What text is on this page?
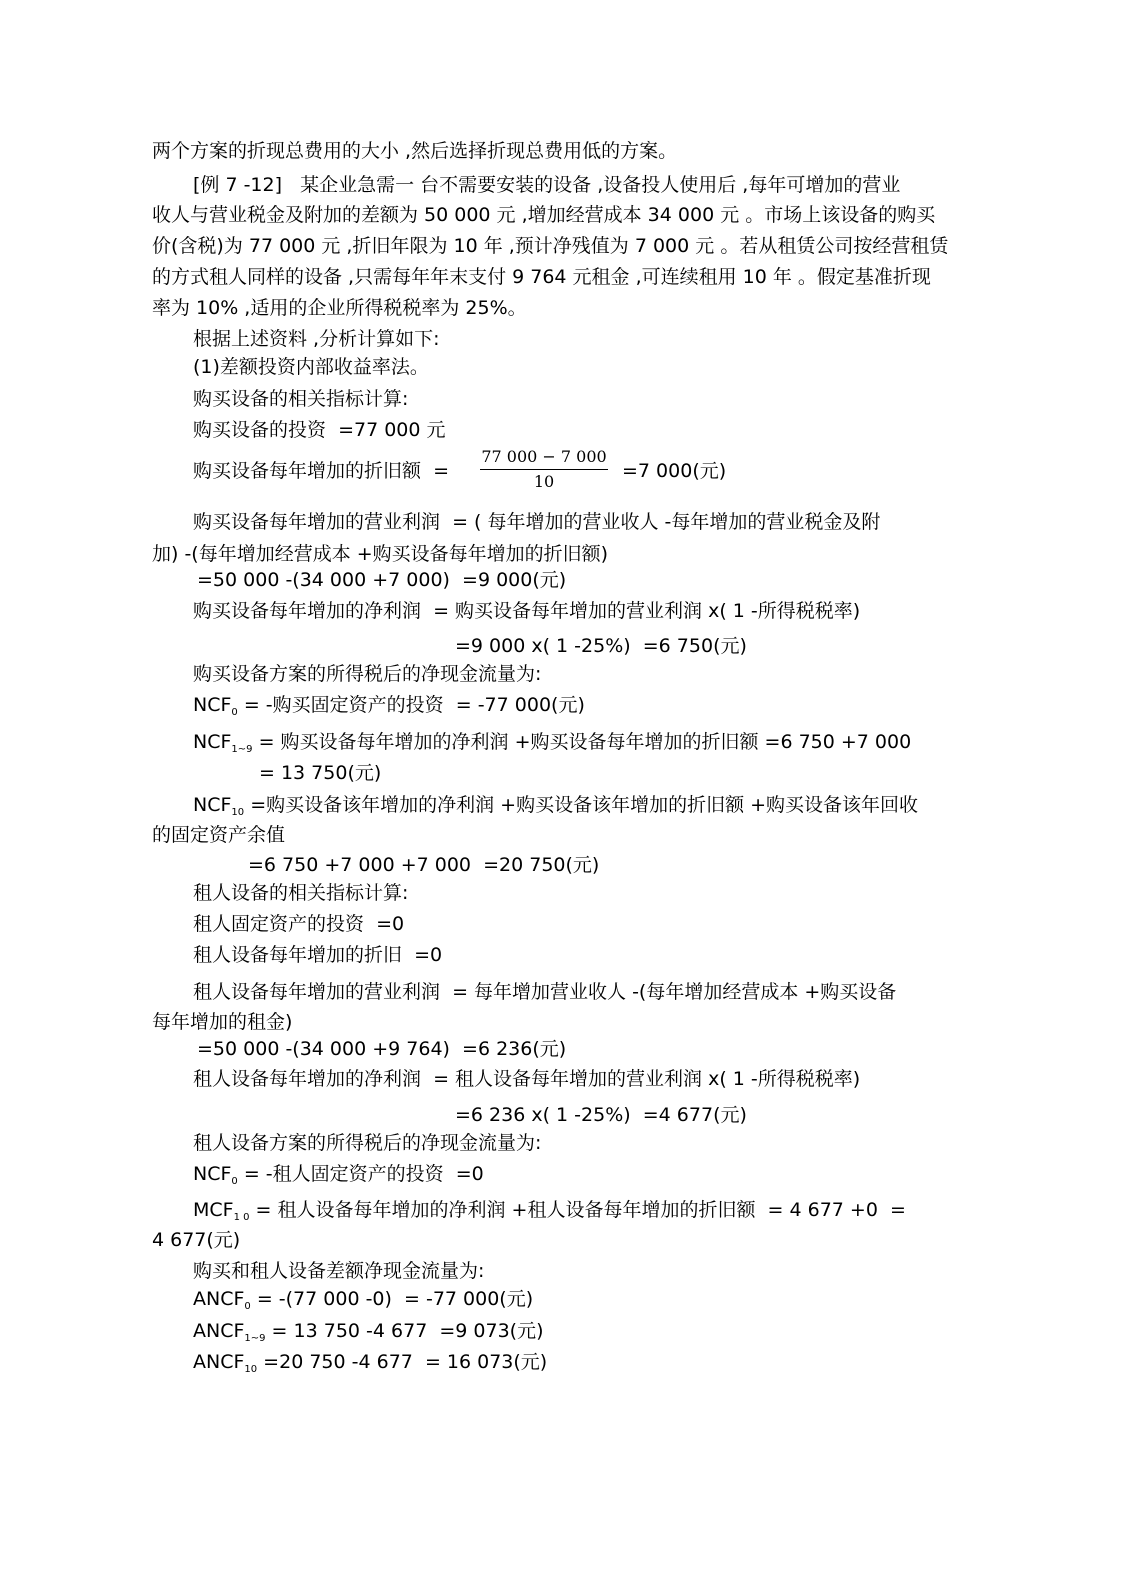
两个方案的折现总费用的大小 ,然后选择折现总费用低的方案。
[例 7 -12]   某企业急需一 台不需要安装的设备 ,设备投人使用后 ,每年可增加的营业
收人与营业税金及附加的差额为 50 000 元 ,增加经营成本 34 000 元 。市场上该设备的购买
价(含税)为 77 000 元 ,折旧年限为 10 年 ,预计净残值为 7 000 元 。若从租赁公司按经营租赁
的方式租人同样的设备 ,只需每年年末支付 9 764 元租金 ,可连续租用 10 年 。假定基准折现
率为 10% ,适用的企业所得税税率为 25%。
根据上述资料 ,分析计算如下:
(1)差额投资内部收益率法。
购买设备的相关指标计算:
购买设备的投资  =77 000 元
购买设备每年增加的折旧额  = $\frac{77 000 - 7 000}{10} =7$ 000(元)
购买设备每年增加的营业利润  = ( 每年增加的营业收人 -每年增加的营业税金及附
加) -(每年增加经营成本 +购买设备每年增加的折旧额)
=50 000 -(34 000 +7 000)  =9 000(元)
购买设备每年增加的净利润  = 购买设备每年增加的营业利润 x( 1 -所得税税率)
=9 000 x( 1 -25%)  =6 750(元)
购买设备方案的所得税后的净现金流量为:
$NCF_0$ = -购买固定资产的投资  = -77 000(元)
$NCF_{1\sim 9}$ = 购买设备每年增加的净利润 +购买设备每年增加的折旧额 =6 750 +7 000
= 13 750(元)
$NCF_{10}$ =购买设备该年增加的净利润 +购买设备该年增加的折旧额 +购买设备该年回收
的固定资产余值
=6 750 +7 000 +7 000  =20 750(元)
租人设备的相关指标计算:
租人固定资产的投资  =0
租人设备每年增加的折旧  =0
租人设备每年增加的营业利润  = 每年增加营业收人 -(每年增加经营成本 +购买设备
每年增加的租金)
=50 000 -(34 000 +9 764)  =6 236(元)
租人设备每年增加的净利润  = 租人设备每年增加的营业利润 x( 1 -所得税税率)
=6 236 x( 1 -25%)  =4 677(元)
租人设备方案的所得税后的净现金流量为:
$NCF_0$ = -租人固定资产的投资  =0
$MCF_{1 0}$ = 租人设备每年增加的净利润 +租人设备每年增加的折旧额  = 4 677 +0  =
4 677(元)
购买和租人设备差额净现金流量为:
$ANCF_0 = -(77$ 000 -0)  = -77 000(元)
$ANCF_{1\sim 9} = 13$ 750 -4 677  =9 073(元)
$ANCF_{10} =20$ 750 -4 677  = 16 073(元)
